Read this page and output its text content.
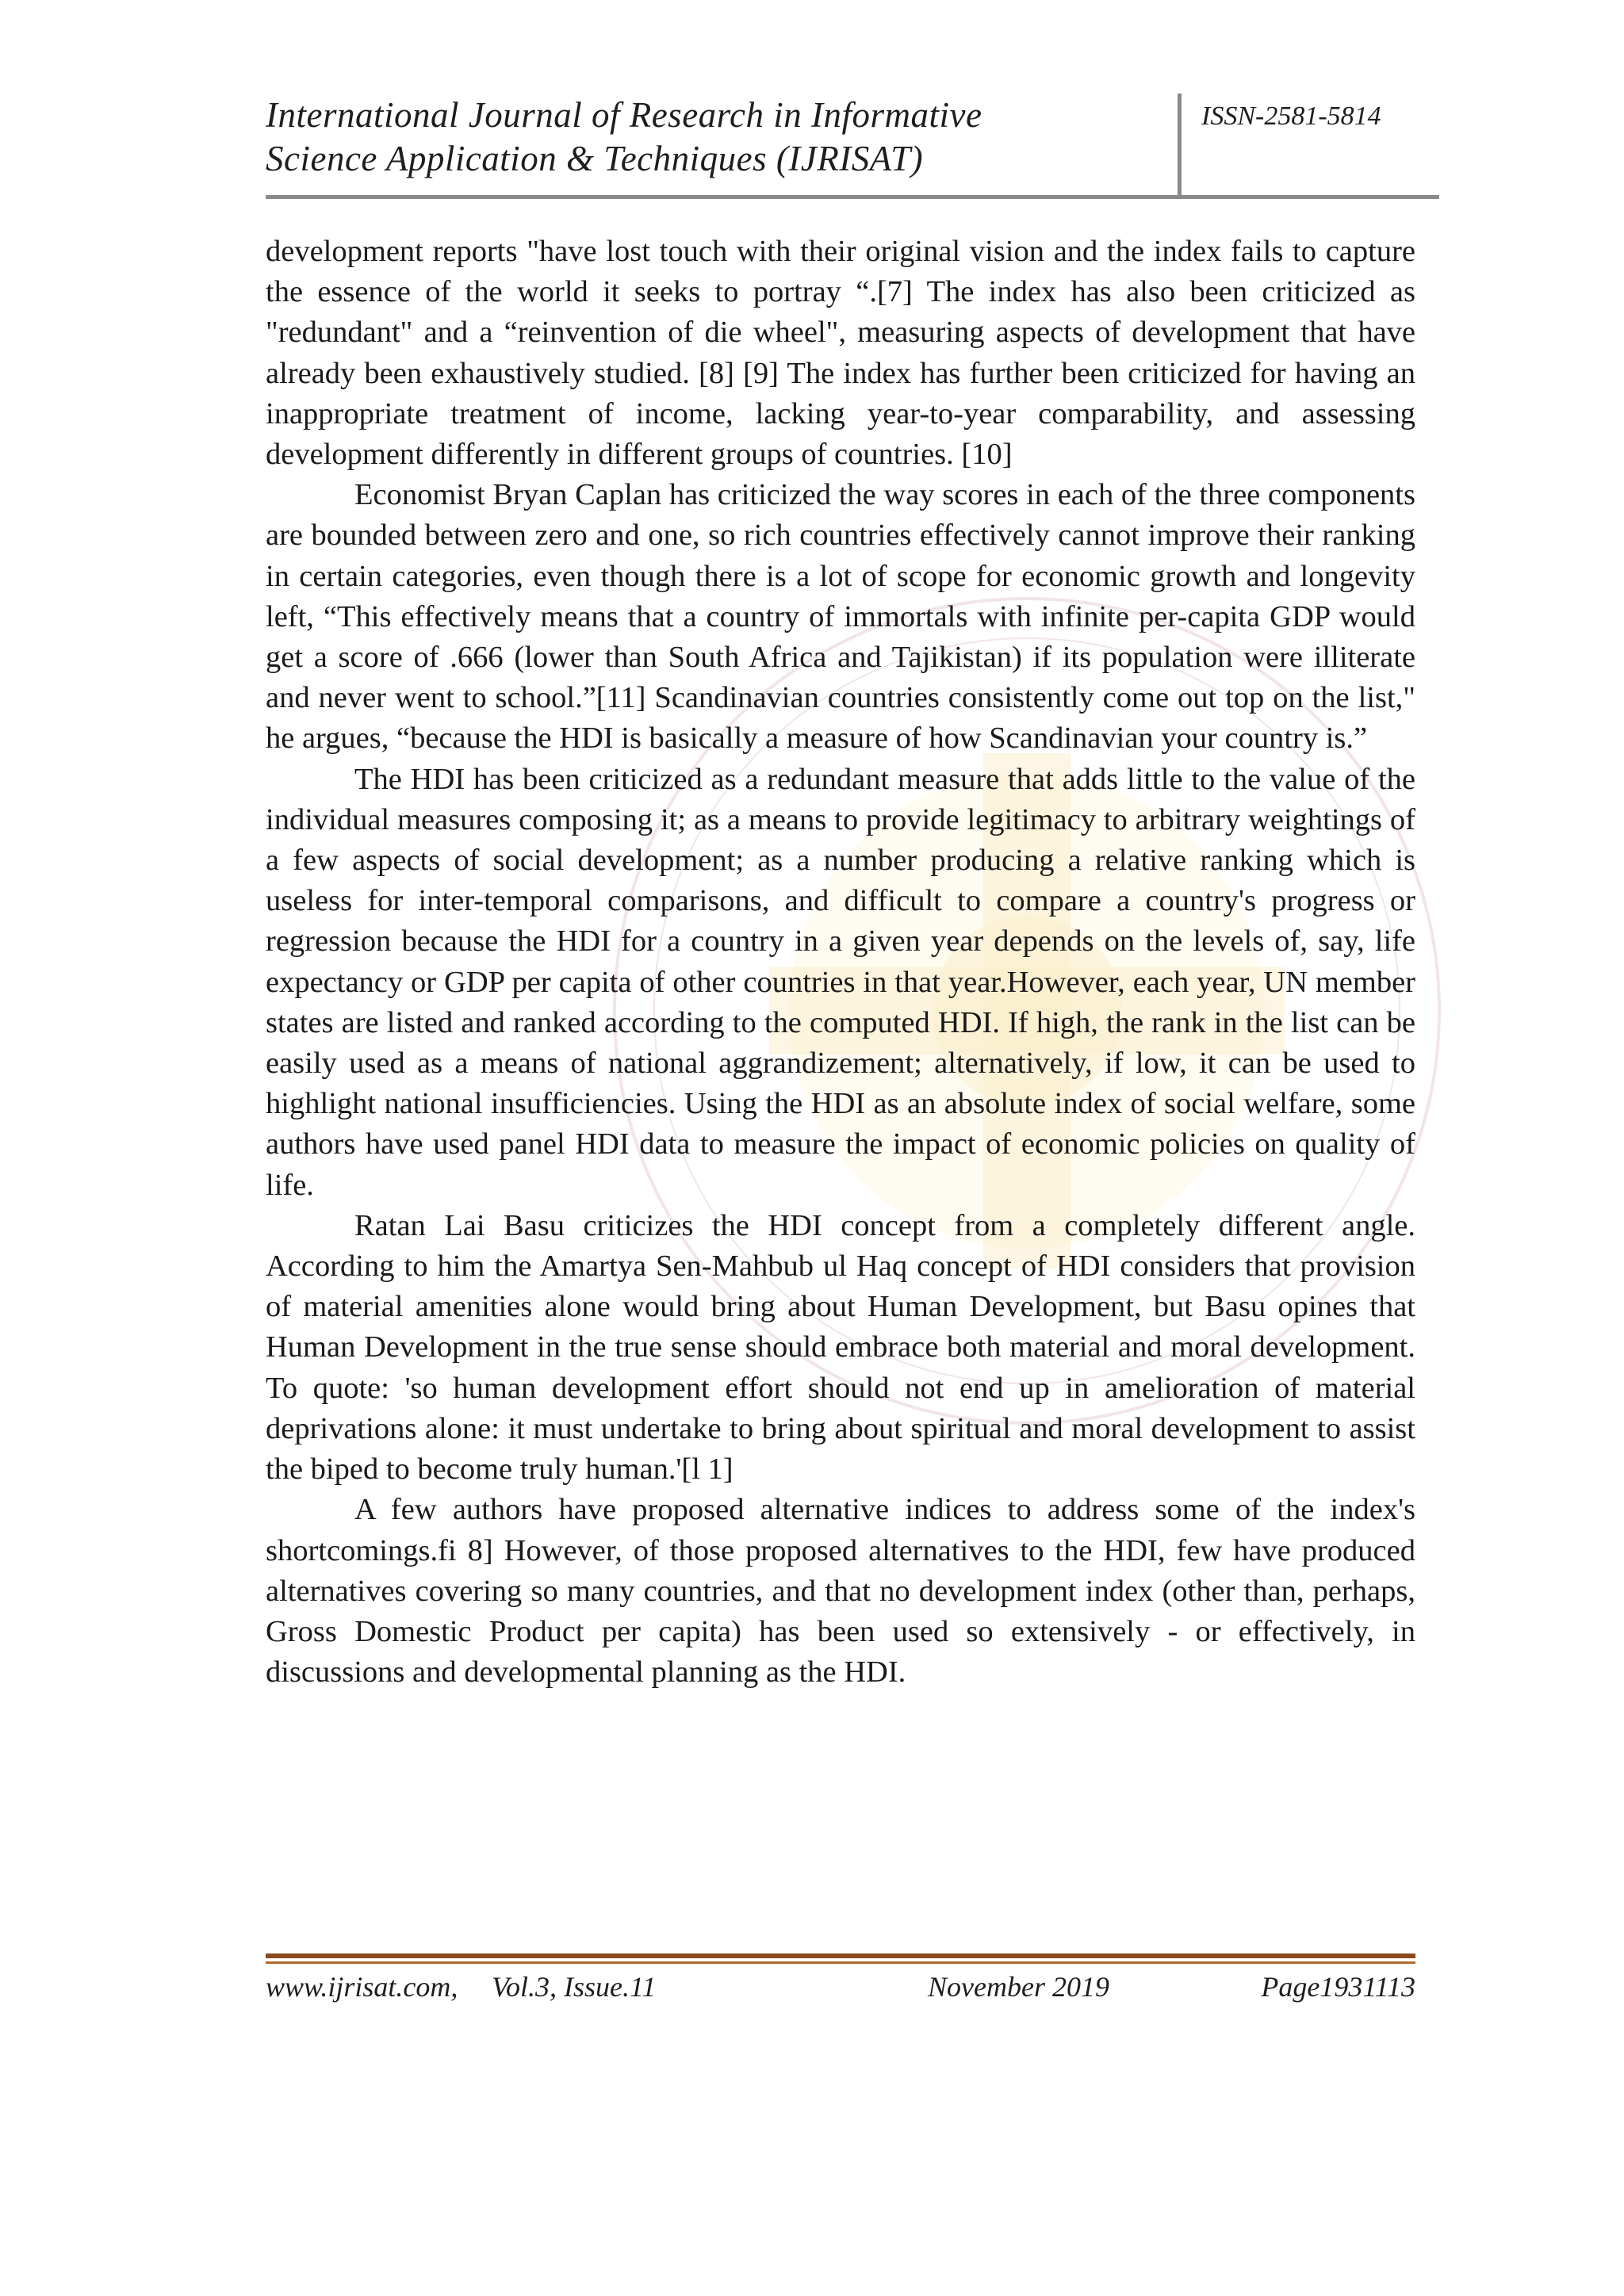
International Journal of Research in Informative
Science Application & Techniques (IJRISAT)
ISSN-2581-5814

development reports "have lost touch with their original vision and the index fails to capture the essence of the world it seeks to portray “.[7] The index has also been criticized as "redundant" and a “reinvention of die wheel", measuring aspects of development that have already been exhaustively studied. [8] [9] The index has further been criticized for having an inappropriate treatment of income, lacking year-to-year comparability, and assessing development differently in different groups of countries. [10]

Economist Bryan Caplan has criticized the way scores in each of the three components are bounded between zero and one, so rich countries effectively cannot improve their ranking in certain categories, even though there is a lot of scope for economic growth and longevity left, “This effectively means that a country of immortals with infinite per-capita GDP would get a score of .666 (lower than South Africa and Tajikistan) if its population were illiterate and never went to school.”[11] Scandinavian countries consistently come out top on the list," he argues, “because the HDI is basically a measure of how Scandinavian your country is.”

The HDI has been criticized as a redundant measure that adds little to the value of the individual measures composing it; as a means to provide legitimacy to arbitrary weightings of a few aspects of social development; as a number producing a relative ranking which is useless for inter-temporal comparisons, and difficult to compare a country's progress or regression because the HDI for a country in a given year depends on the levels of, say, life expectancy or GDP per capita of other countries in that year.However, each year, UN member states are listed and ranked according to the computed HDI. If high, the rank in the list can be easily used as a means of national aggrandizement; alternatively, if low, it can be used to highlight national insufficiencies. Using the HDI as an absolute index of social welfare, some authors have used panel HDI data to measure the impact of economic policies on quality of life.

Ratan Lai Basu criticizes the HDI concept from a completely different angle. According to him the Amartya Sen-Mahbub ul Haq concept of HDI considers that provision of material amenities alone would bring about Human Development, but Basu opines that Human Development in the true sense should embrace both material and moral development. To quote: 'so human development effort should not end up in amelioration of material deprivations alone: it must undertake to bring about spiritual and moral development to assist the biped to become truly human.'[l 1]

A few authors have proposed alternative indices to address some of the index's shortcomings.fi 8] However, of those proposed alternatives to the HDI, few have produced alternatives covering so many countries, and that no development index (other than, perhaps, Gross Domestic Product per capita) has been used so extensively - or effectively, in discussions and developmental planning as the HDI.

www.ijrisat.com, Vol.3, Issue.11	November 2019	Page1931113
